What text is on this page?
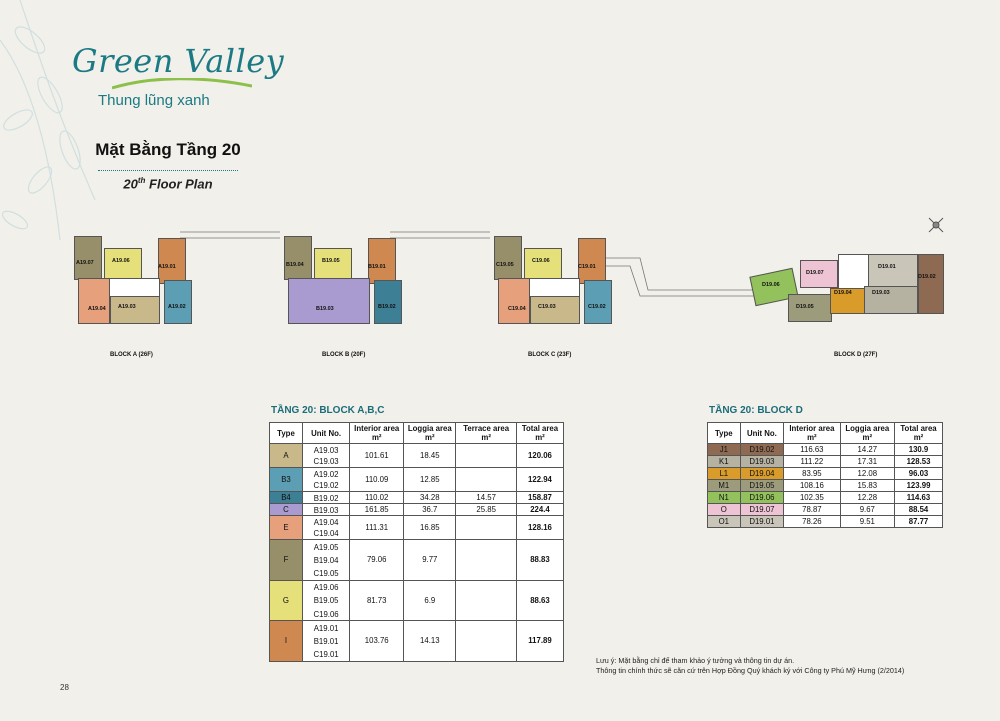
Green Valley
Thung lũng xanh
Mặt Bằng Tầng 20
20th Floor Plan
A19.07	A19.06
A19.01
A19.04 A19.03	A19.02
BLOCK A (26F)
B19.04
B19.05
B19.01
B19.03	B19.02
BLOCK B (20F)
C19.05
C19.06
C19.01
C19.04 C19.03	C19.02
BLOCK C (23F)
D19.06
D19.07
D19.01
D19.02
D19.05
D19.04	D19.03
BLOCK D (27F)
TẦNG 20: BLOCK A,B,C
Type	Unit No.	Interior area m²	Loggia area m²	Terrace area m²	Total area m²
A	A19.03	101.61	18.45		120.06
	C19.03				
B3	A19.02	110.09	12.85		122.94
	C19.02				
B4	B19.02	110.02	34.28	14.57	158.87
C	B19.03	161.85	36.7	25.85	224.4
E	A19.04	111.31	16.85		128.16
	C19.04				
F	A19.05	79.06	9.77		88.83
	B19.04				
	C19.05				
G	A19.06	81.73	6.9		88.63
	B19.05				
	C19.06				
I	A19.01	103.76	14.13		117.89
	B19.01				
	C19.01				
TẦNG 20: BLOCK D
Type	Unit No.	Interior area m²	Loggia area m²	Total area m²
J1	D19.02	116.63	14.27	130.9
K1	D19.03	111.22	17.31	128.53
L1	D19.04	83.95	12.08	96.03
M1	D19.05	108.16	15.83	123.99
N1	D19.06	102.35	12.28	114.63
O	D19.07	78.87	9.67	88.54
O1	D19.01	78.26	9.51	87.77
Lưu ý: Mặt bằng chỉ để tham khảo ý tưởng và thông tin dự án.
Thông tin chính thức sẽ căn cứ trên Hợp Đồng Quý khách ký với Công ty Phú Mỹ Hưng (2/2014)
28
